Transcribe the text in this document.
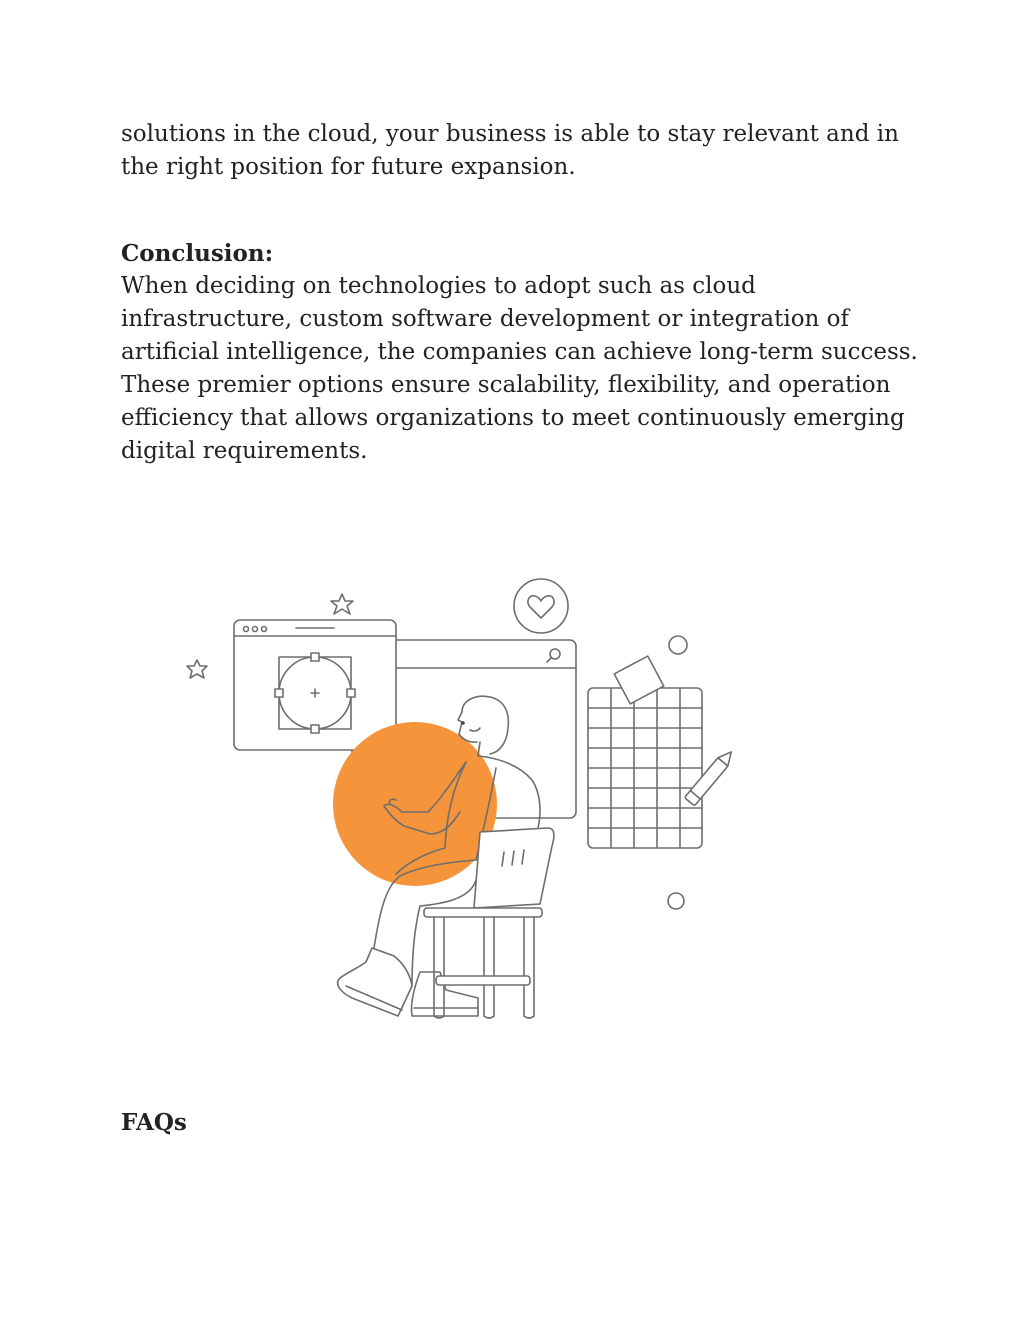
solutions in the cloud, your business is able to stay relevant and in the right position for future expansion.

Conclusion:

When deciding on technologies to adopt such as cloud infrastructure, custom software development or integration of artificial intelligence, the companies can achieve long-term success. These premier options ensure scalability, flexibility, and operation efficiency that allows organizations to meet continuously emerging digital requirements.

FAQs
